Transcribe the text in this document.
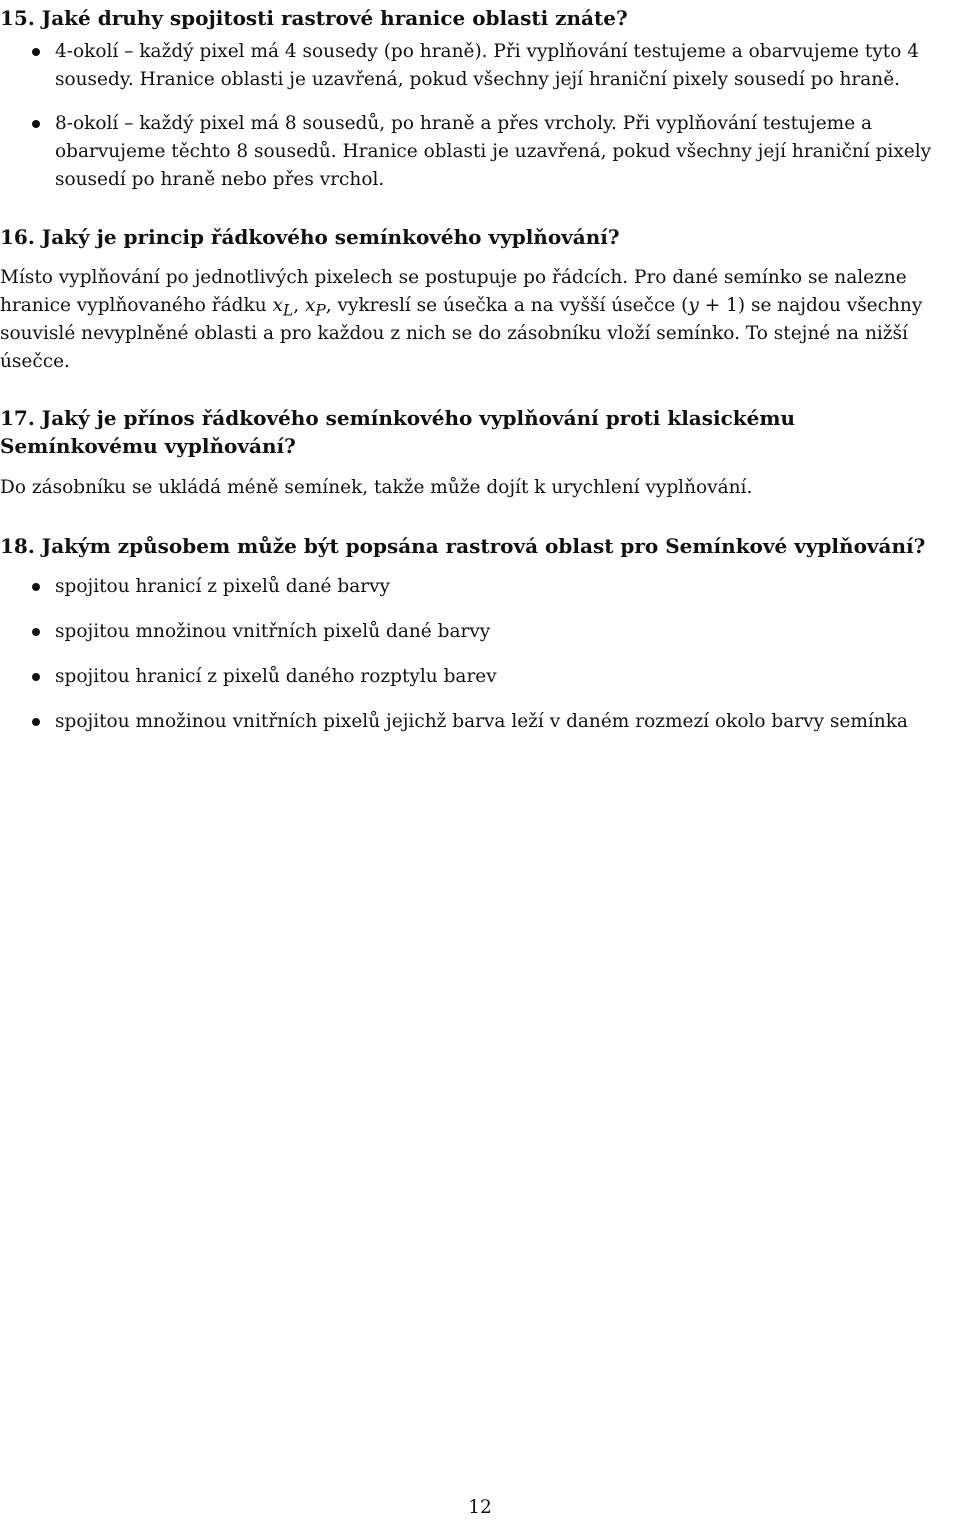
15. Jaké druhy spojitosti rastrové hranice oblasti znáte?
4-okolí – každý pixel má 4 sousedy (po hraně). Při vyplňování testujeme a obarvujeme tyto 4 sousedy. Hranice oblasti je uzavřená, pokud všechny její hraniční pixely sousedí po hraně.
8-okolí – každý pixel má 8 sousedů, po hraně a přes vrcholy. Při vyplňování testujeme a obarvujeme těchto 8 sousedů. Hranice oblasti je uzavřená, pokud všechny její hraniční pixely sousedí po hraně nebo přes vrchol.
16. Jaký je princip řádkového semínkového vyplňování?
Místo vyplňování po jednotlivých pixelech se postupuje po řádcích. Pro dané semínko se nalezne
hranice vyplňovaného řádku $x_L$, $x_P$, vykreslí se úsečka a na vyšší úsečce (y + 1) se najdou všechny
souvislé nevyplněné oblasti a pro každou z nich se do zásobníku vloží semínko. To stejné na nižší
úsečce.
17. Jaký je přínos řádkového semínkového vyplňování proti klasickému Semínkovému vyplňování?
Do zásobníku se ukládá méně semínek, takže může dojít k urychlení vyplňování.
18. Jakým způsobem může být popsána rastrová oblast pro Semínkové vyplňování?
spojitou hranicí z pixelů dané barvy
spojitou množinou vnitřních pixelů dané barvy
spojitou hranicí z pixelů daného rozptylu barev
spojitou množinou vnitřních pixelů jejichž barva leží v daném rozmezí okolo barvy semínka
12
